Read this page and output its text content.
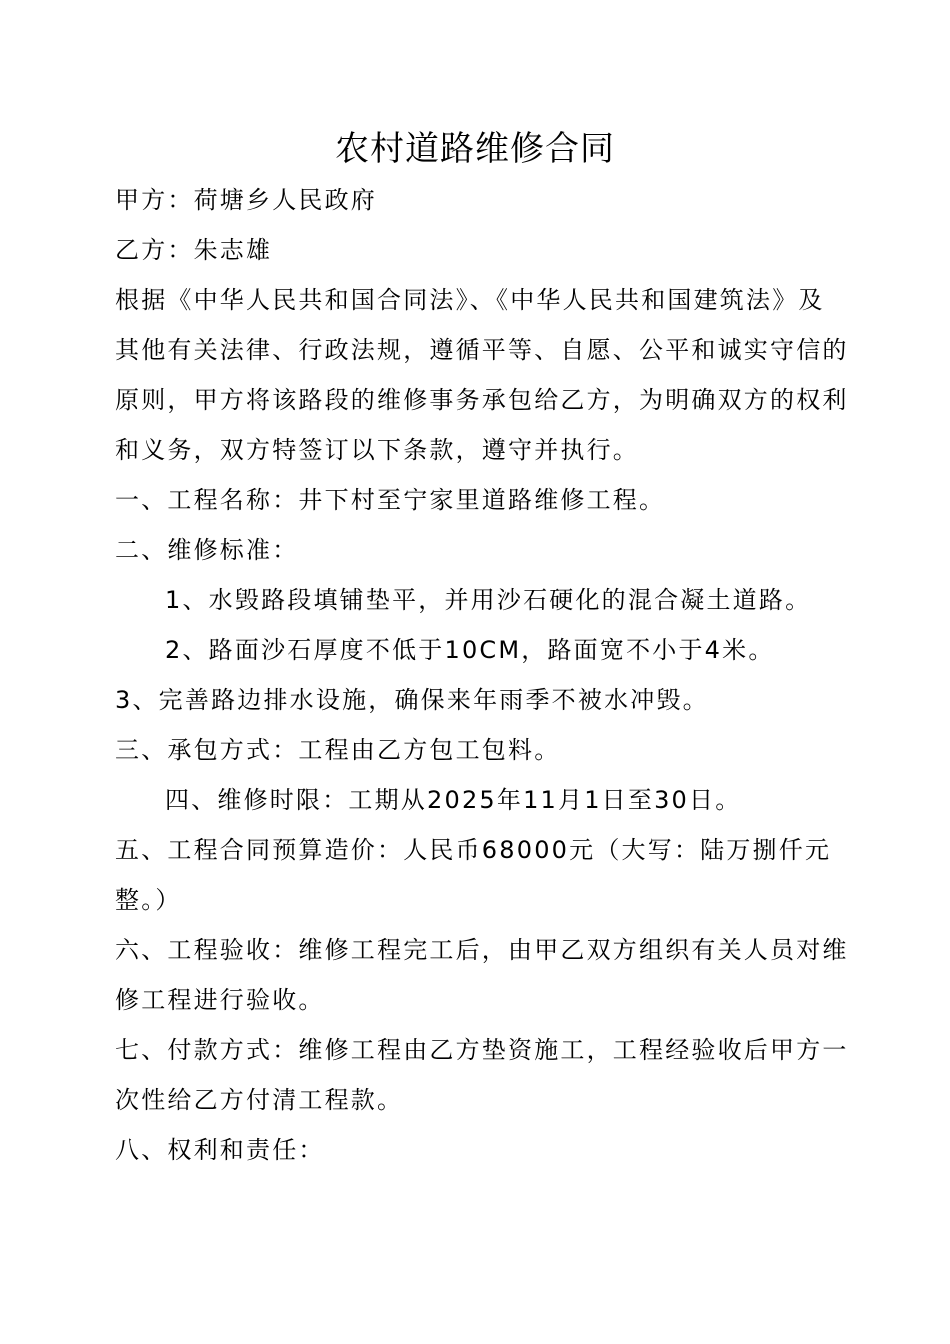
农村道路维修合同

甲方：荷塘乡人民政府

乙方：朱志雄

根据《中华人民共和国合同法》、《中华人民共和国建筑法》及

其他有关法律、行政法规，遵循平等、自愿、公平和诚实守信的

原则，甲方将该路段的维修事务承包给乙方，为明确双方的权利

和义务，双方特签订以下条款，遵守并执行。

一、工程名称：井下村至宁家里道路维修工程。

二、维修标准：

1、水毁路段填铺垫平，并用沙石硬化的混合凝土道路。

2、路面沙石厚度不低于10CM，路面宽不小于4米。

3、完善路边排水设施，确保来年雨季不被水冲毁。

三、承包方式：工程由乙方包工包料。

四、维修时限：工期从2025年11月1日至30日。

五、工程合同预算造价：人民币68000元（大写：陆万捌仟元

整。）

六、工程验收：维修工程完工后，由甲乙双方组织有关人员对维

修工程进行验收。

七、付款方式：维修工程由乙方垫资施工，工程经验收后甲方一

次性给乙方付清工程款。

八、权利和责任：
